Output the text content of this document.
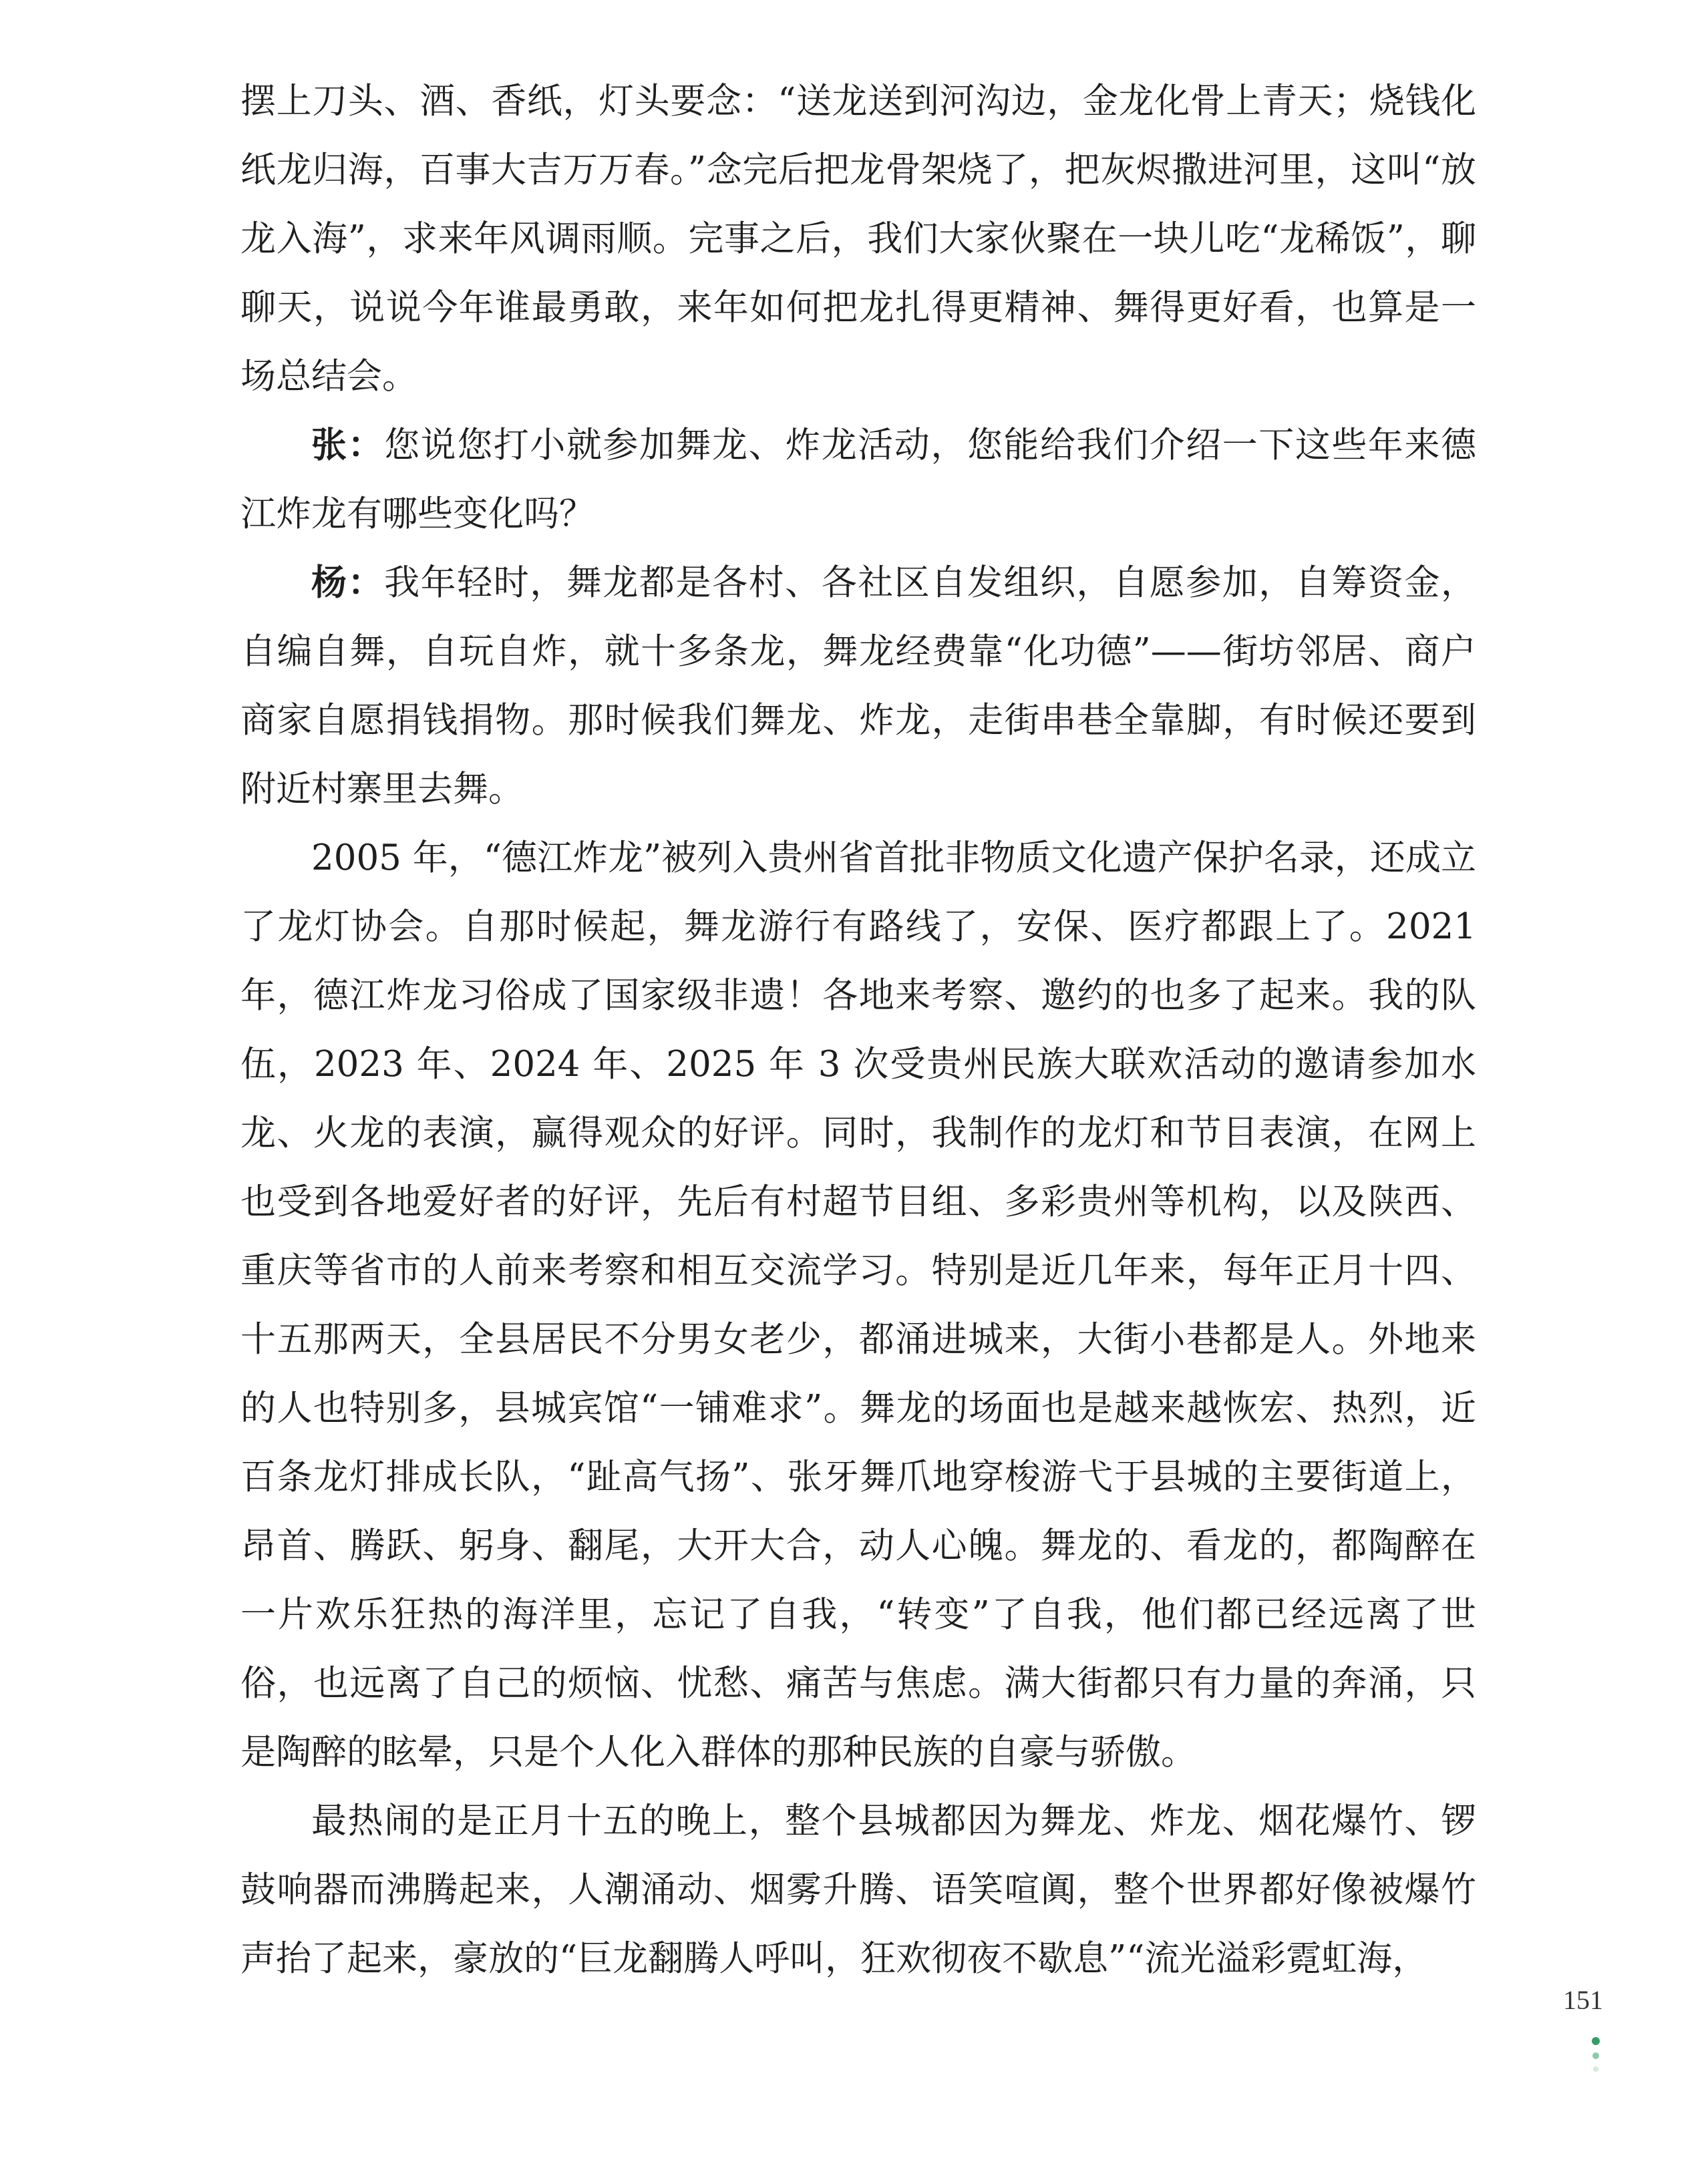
摆上刀头、酒、香纸，灯头要念：“送龙送到河沟边，金龙化骨上青天；烧钱化纸龙归海，百事大吉万万春。”念完后把龙骨架烧了，把灰烬撒进河里，这叫“放龙入海”，求来年风调雨顺。完事之后，我们大家伙聚在一块儿吃“龙稀饭”，聊聊天，说说今年谁最勇敢，来年如何把龙扎得更精神、舞得更好看，也算是一场总结会。

张：您说您打小就参加舞龙、炸龙活动，您能给我们介绍一下这些年来德江炸龙有哪些变化吗？

杨：我年轻时，舞龙都是各村、各社区自发组织，自愿参加，自筹资金，自编自舞，自玩自炸，就十多条龙，舞龙经费靠“化功德”——街坊邻居、商户商家自愿捐钱捐物。那时候我们舞龙、炸龙，走街串巷全靠脚，有时候还要到附近村寨里去舞。

2005 年，“德江炸龙”被列入贵州省首批非物质文化遗产保护名录，还成立了龙灯协会。自那时候起，舞龙游行有路线了，安保、医疗都跟上了。2021 年，德江炸龙习俗成了国家级非遗！各地来考察、邀约的也多了起来。我的队伍，2023 年、2024 年、2025 年 3 次受贵州民族大联欢活动的邀请参加水龙、火龙的表演，赢得观众的好评。同时，我制作的龙灯和节目表演，在网上也受到各地爱好者的好评，先后有村超节目组、多彩贵州等机构，以及陕西、重庆等省市的人前来考察和相互交流学习。特别是近几年来，每年正月十四、十五那两天，全县居民不分男女老少，都涌进城来，大街小巷都是人。外地来的人也特别多，县城宾馆“一铺难求”。舞龙的场面也是越来越恢宏、热烈，近百条龙灯排成长队，“趾高气扬”、张牙舞爪地穿梭游弋于县城的主要街道上，昂首、腾跃、躬身、翻尾，大开大合，动人心魄。舞龙的、看龙的，都陶醉在一片欢乐狂热的海洋里，忘记了自我，“转变”了自我，他们都已经远离了世俗，也远离了自己的烦恼、忧愁、痛苦与焦虑。满大街都只有力量的奔涌，只是陶醉的眩晕，只是个人化入群体的那种民族的自豪与骄傲。

最热闹的是正月十五的晚上，整个县城都因为舞龙、炸龙、烟花爆竹、锣鼓响器而沸腾起来，人潮涌动、烟雾升腾、语笑喧阗，整个世界都好像被爆竹声抬了起来，豪放的“巨龙翻腾人呼叫，狂欢彻夜不歇息”“流光溢彩霓虹海，

151
